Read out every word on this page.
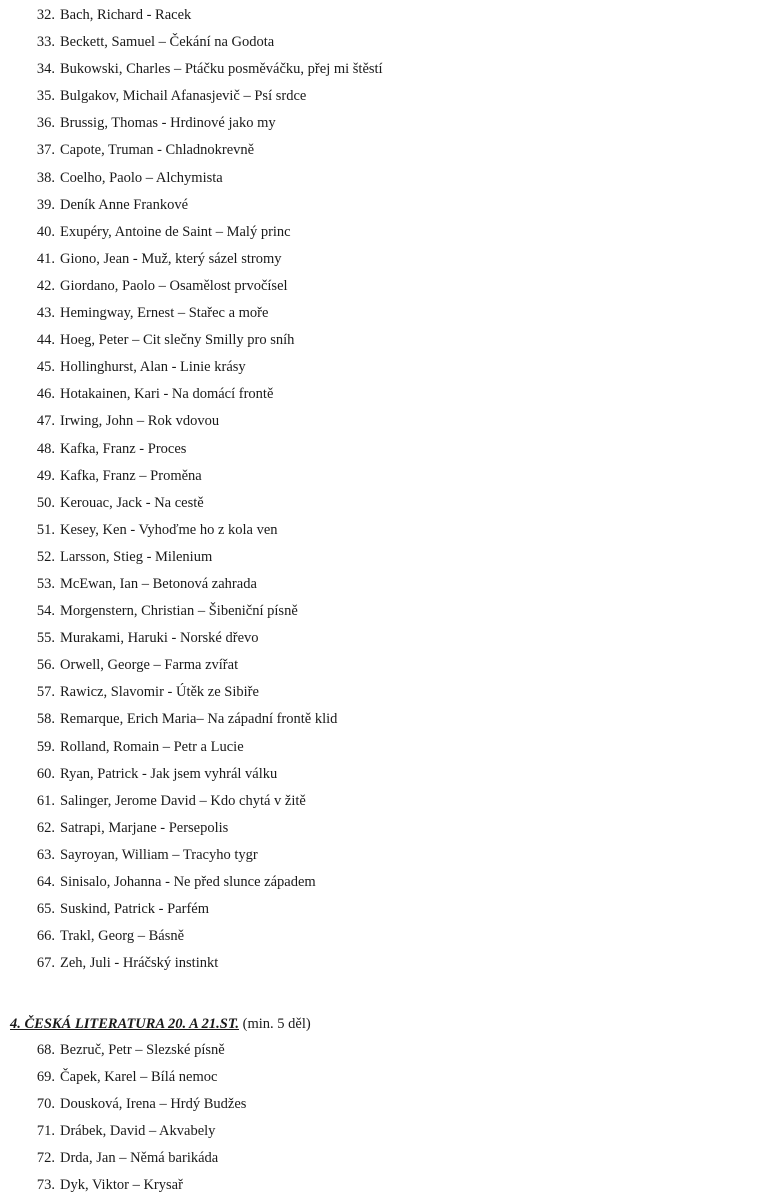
32. Bach, Richard - Racek
33. Beckett, Samuel – Čekání na Godota
34. Bukowski, Charles – Ptáčku posměváčku, přej mi štěstí
35. Bulgakov, Michail Afanasjevič – Psí srdce
36. Brussig, Thomas - Hrdinové jako my
37. Capote, Truman - Chladnokrevně
38. Coelho, Paolo – Alchymista
39. Deník Anne Frankové
40. Exupéry, Antoine de Saint – Malý princ
41. Giono, Jean - Muž, který sázel stromy
42. Giordano, Paolo – Osamělost prvočísel
43. Hemingway, Ernest – Stařec a moře
44. Hoeg, Peter – Cit slečny Smilly pro sníh
45. Hollinghurst, Alan - Linie krásy
46. Hotakainen, Kari - Na domácí frontě
47. Irwing, John – Rok vdovou
48. Kafka, Franz - Proces
49. Kafka, Franz – Proměna
50. Kerouac, Jack - Na cestě
51. Kesey, Ken - Vyhoďme ho z kola ven
52. Larsson, Stieg - Milenium
53. McEwan, Ian – Betonová zahrada
54. Morgenstern, Christian – Šibeniční písně
55. Murakami, Haruki - Norské dřevo
56. Orwell, George – Farma zvířat
57. Rawicz, Slavomir - Útěk ze Sibiře
58. Remarque, Erich Maria– Na západní frontě klid
59. Rolland, Romain – Petr a Lucie
60. Ryan, Patrick - Jak jsem vyhrál válku
61. Salinger, Jerome David – Kdo chytá v žitě
62. Satrapi, Marjane - Persepolis
63. Sayroyan, William – Tracyho tygr
64. Sinisalo, Johanna - Ne před slunce západem
65. Suskind, Patrick - Parfém
66. Trakl, Georg – Básně
67. Zeh, Juli - Hráčský instinkt
4. ČESKÁ LITERATURA 20. A 21.ST. (min. 5 děl)
68. Bezruč, Petr – Slezské písně
69. Čapek, Karel – Bílá nemoc
70. Dousková, Irena – Hrdý Budžes
71. Drábek, David – Akvabely
72. Drda, Jan – Němá barikáda
73. Dyk, Viktor – Krysař
